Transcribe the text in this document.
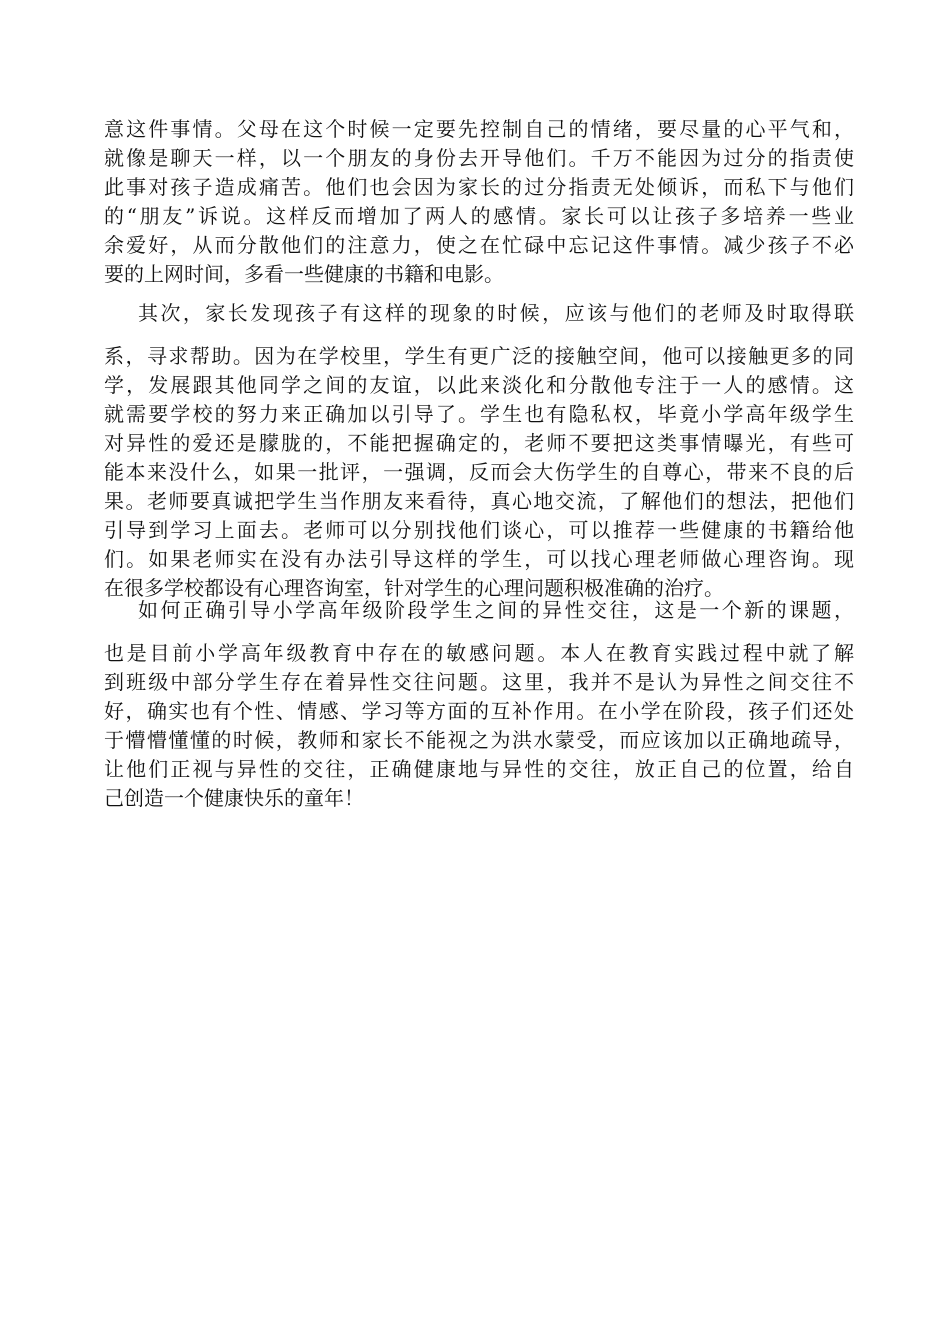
意这件事情。父母在这个时候一定要先控制自己的情绪，要尽量的心平气和，
就像是聊天一样，以一个朋友的身份去开导他们。千万不能因为过分的指责使
此事对孩子造成痛苦。他们也会因为家长的过分指责无处倾诉，而私下与他们
的“朋友”诉说。这样反而增加了两人的感情。家长可以让孩子多培养一些业
余爱好，从而分散他们的注意力，使之在忙碌中忘记这件事情。减少孩子不必
要的上网时间，多看一些健康的书籍和电影。
其次，家长发现孩子有这样的现象的时候，应该与他们的老师及时取得联
系，寻求帮助。因为在学校里，学生有更广泛的接触空间，他可以接触更多的同
学，发展跟其他同学之间的友谊，以此来淡化和分散他专注于一人的感情。这
就需要学校的努力来正确加以引导了。学生也有隐私权，毕竟小学高年级学生
对异性的爱还是朦胧的，不能把握确定的，老师不要把这类事情曝光，有些可
能本来没什么，如果一批评，一强调，反而会大伤学生的自尊心，带来不良的后
果。老师要真诚把学生当作朋友来看待，真心地交流，了解他们的想法，把他们
引导到学习上面去。老师可以分别找他们谈心，可以推荐一些健康的书籍给他
们。如果老师实在没有办法引导这样的学生，可以找心理老师做心理咨询。现
在很多学校都设有心理咨询室，针对学生的心理问题积极准确的治疗。
如何正确引导小学高年级阶段学生之间的异性交往，这是一个新的课题，
也是目前小学高年级教育中存在的敏感问题。本人在教育实践过程中就了解
到班级中部分学生存在着异性交往问题。这里，我并不是认为异性之间交往不
好，确实也有个性、情感、学习等方面的互补作用。在小学在阶段，孩子们还处
于懵懵懂懂的时候，教师和家长不能视之为洪水蒙受，而应该加以正确地疏导，
让他们正视与异性的交往，正确健康地与异性的交往，放正自己的位置，给自
己创造一个健康快乐的童年！
